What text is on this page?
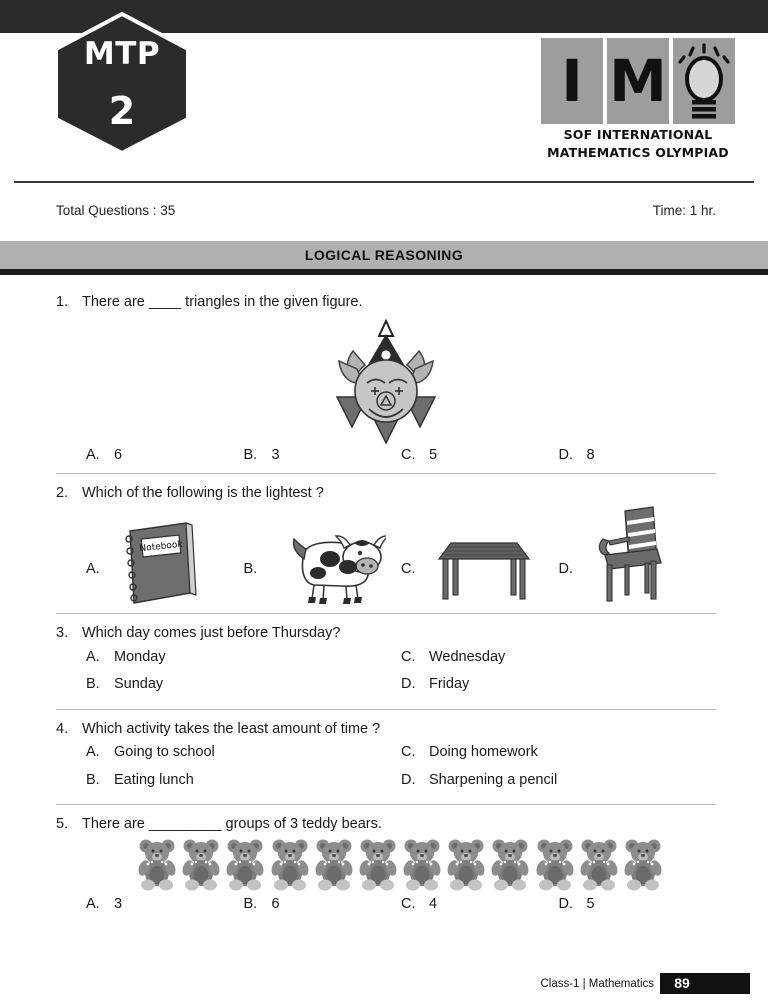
MTP
2	I M
SOF INTERNATIONAL
MATHEMATICS OLYMPIAD
Total Questions : 35	Time: 1 hr.
LOGICAL REASONING
1. There are ____ triangles in the given figure.
A. 6	B. 3	C. 5	D. 8
2. Which of the following is the lightest ?
A.
Notebook
B.	C.	D.
3. Which day comes just before Thursday?
A. Monday	C. Wednesday
B. Sunday	D. Friday
4. Which activity takes the least amount of time ?
A. Going to school	C. Doing homework
B. Eating lunch	D. Sharpening a pencil
5. There are _________ groups of 3 teddy bears.
A. 3	B. 6	C. 4	D. 5
Class-1 | Mathematics	89
